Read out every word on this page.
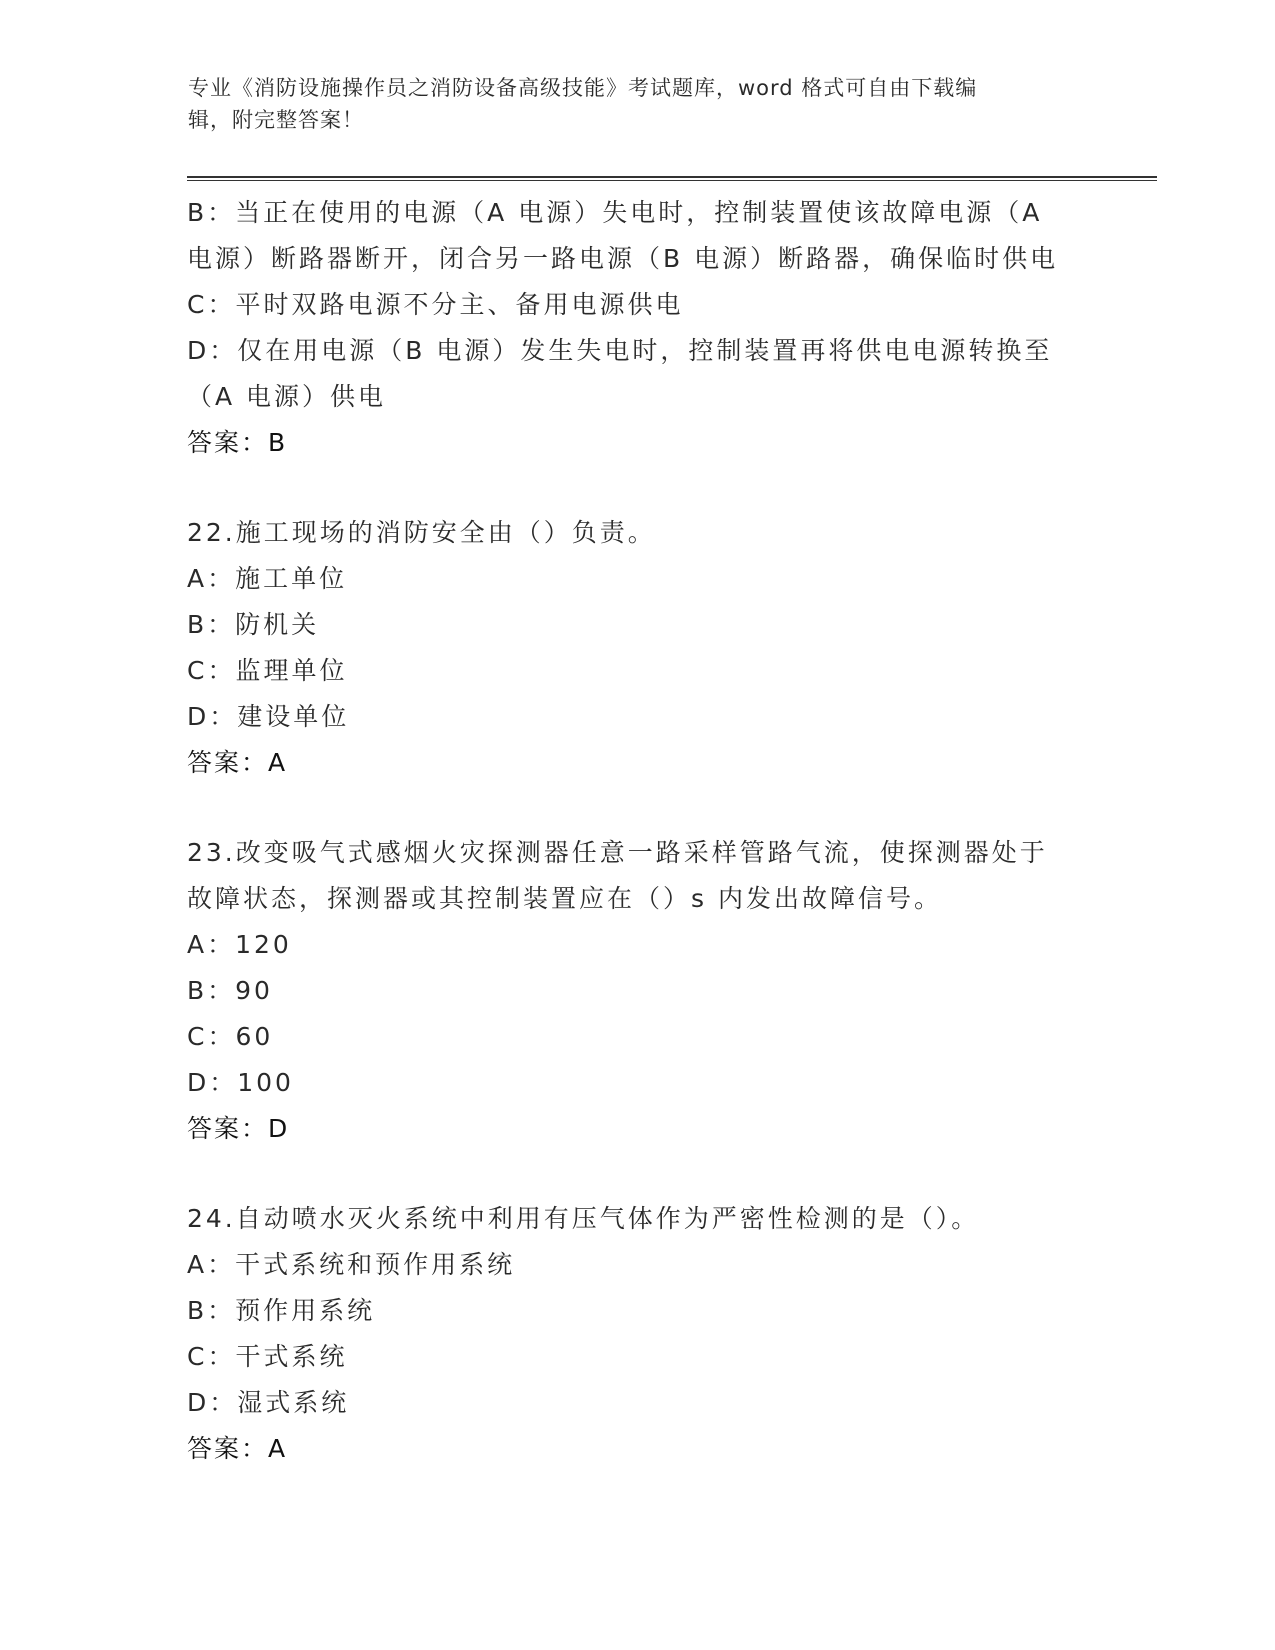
专业《消防设施操作员之消防设备高级技能》考试题库，word 格式可自由下载编
辑，附完整答案！
B：当正在使用的电源（A 电源）失电时，控制装置使该故障电源（A
电源）断路器断开，闭合另一路电源（B 电源）断路器，确保临时供电
C：平时双路电源不分主、备用电源供电
D：仅在用电源（B 电源）发生失电时，控制装置再将供电电源转换至
（A 电源）供电
答案：B
22.施工现场的消防安全由（）负责。
A：施工单位
B：防机关
C：监理单位
D：建设单位
答案：A
23.改变吸气式感烟火灾探测器任意一路采样管路气流，使探测器处于
故障状态，探测器或其控制装置应在（）s 内发出故障信号。
A：120
B：90
C：60
D：100
答案：D
24.自动喷水灭火系统中利用有压气体作为严密性检测的是（）。
A：干式系统和预作用系统
B：预作用系统
C：干式系统
D：湿式系统
答案：A
